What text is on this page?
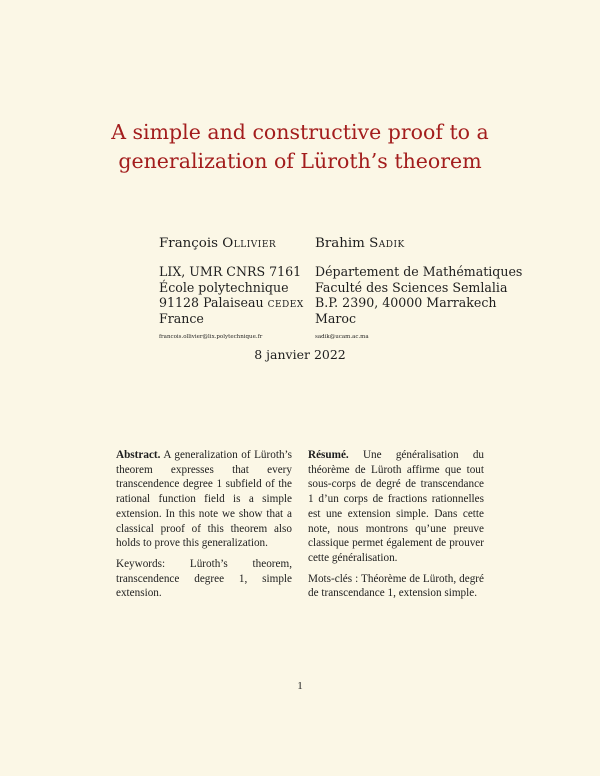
A simple and constructive proof to a
generalization of Lüroth’s theorem
François Ollivier
LIX, UMR CNRS 7161
École polytechnique
91128 Palaiseau cedex
France
francois.ollivier@lix.polytechnique.fr
Brahim Sadik
Département de Mathématiques
Faculté des Sciences Semlalia
B.P. 2390, 40000 Marrakech
Maroc
sadik@ucam.ac.ma
8 janvier 2022

Abstract. A generalization of Lüroth’s theorem expresses that every transcendence degree 1 subfield of the rational function field is a simple extension. In this note we show that a classical proof of this theorem also holds to prove this generalization.

Keywords: Lüroth’s theorem, transcendence degree 1, simple extension.

Résumé. Une généralisation du théorème de Lüroth affirme que tout sous-corps de degré de transcendance 1 d’un corps de fractions rationnelles est une extension simple. Dans cette note, nous montrons qu’une preuve classique permet également de prouver cette généralisation.

Mots-clés : Théorème de Lüroth, degré de transcendance 1, extension simple.

1
